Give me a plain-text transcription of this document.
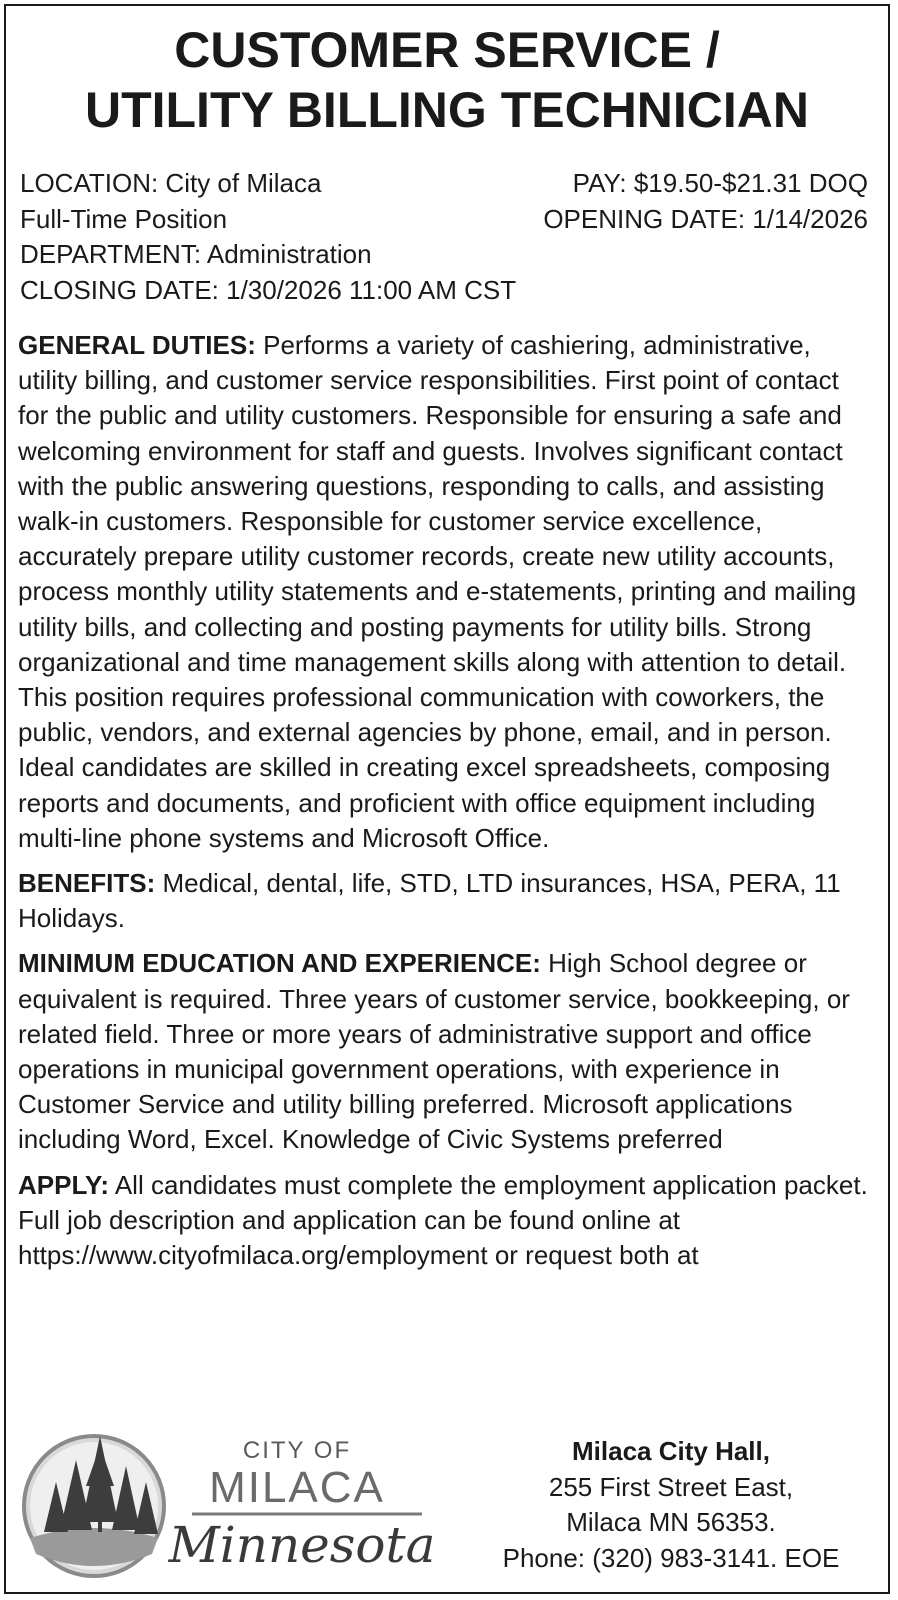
CUSTOMER SERVICE /
UTILITY BILLING TECHNICIAN
LOCATION: City of Milaca
Full-Time Position
DEPARTMENT: Administration
CLOSING DATE: 1/30/2026 11:00 AM CST
PAY: $19.50-$21.31 DOQ
OPENING DATE: 1/14/2026

GENERAL DUTIES: Performs a variety of cashiering, administrative, utility billing, and customer service responsibilities. First point of contact for the public and utility customers. Responsible for ensuring a safe and welcoming environment for staff and guests. Involves significant contact with the public answering questions, responding to calls, and assisting walk-in customers. Responsible for customer service excellence, accurately prepare utility customer records, create new utility accounts, process monthly utility statements and e-statements, printing and mailing utility bills, and collecting and posting payments for utility bills. Strong organizational and time management skills along with attention to detail. This position requires professional communication with coworkers, the public, vendors, and external agencies by phone, email, and in person. Ideal candidates are skilled in creating excel spreadsheets, composing reports and documents, and proficient with office equipment including multi-line phone systems and Microsoft Office.

BENEFITS: Medical, dental, life, STD, LTD insurances, HSA, PERA, 11 Holidays.

MINIMUM EDUCATION AND EXPERIENCE: High School degree or equivalent is required. Three years of customer service, bookkeeping, or related field. Three or more years of administrative support and office operations in municipal government operations, with experience in Customer Service and utility billing preferred. Microsoft applications including Word, Excel. Knowledge of Civic Systems preferred

APPLY: All candidates must complete the employment application packet. Full job description and application can be found online at https://www.cityofmilaca.org/employment or request both at

CITY OF
MILACA
Minnesota
Milaca City Hall,
255 First Street East,
Milaca MN 56353.
Phone: (320) 983-3141. EOE
